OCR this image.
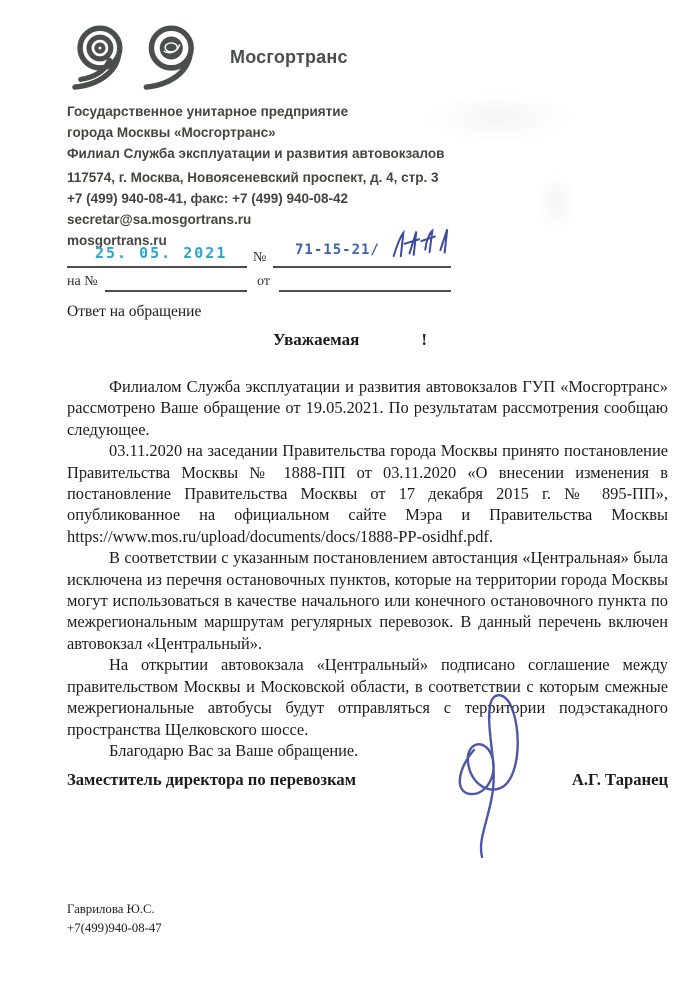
Мосгортранс
Государственное унитарное предприятие
города Москвы «Мосгортранс»
Филиал Служба эксплуатации и развития автовокзалов
117574, г. Москва, Новоясеневский проспект, д. 4, стр. 3
+7 (499) 940-08-41, факс: +7 (499) 940-08-42
secretar@sa.mosgortrans.ru
mosgortrans.ru
25. 05. 2021 № 71-15-21/
на №	от
Ответ на обращение
Уважаемая	!

Филиалом Служба эксплуатации и развития автовокзалов ГУП «Мосгортранс» рассмотрено Ваше обращение от 19.05.2021. По результатам рассмотрения сообщаю следующее.

03.11.2020 на заседании Правительства города Москвы принято постановление Правительства Москвы № 1888-ПП от 03.11.2020 «О внесении изменения в постановление Правительства Москвы от 17 декабря 2015 г. № 895-ПП», опубликованное на официальном сайте Мэра и Правительства Москвы https://www.mos.ru/upload/documents/docs/1888-PP-osidhf.pdf.

В соответствии с указанным постановлением автостанция «Центральная» была исключена из перечня остановочных пунктов, которые на территории города Москвы могут использоваться в качестве начального или конечного остановочного пункта по межрегиональным маршрутам регулярных перевозок. В данный перечень включен автовокзал «Центральный».

На открытии автовокзала «Центральный» подписано соглашение между правительством Москвы и Московской области, в соответствии с которым смежные межрегиональные автобусы будут отправляться с территории подэстакадного пространства Щелковского шоссе.

Благодарю Вас за Ваше обращение.

Заместитель директора по перевозкам	А.Г. Таранец
Гаврилова Ю.С.
+7(499)940-08-47
